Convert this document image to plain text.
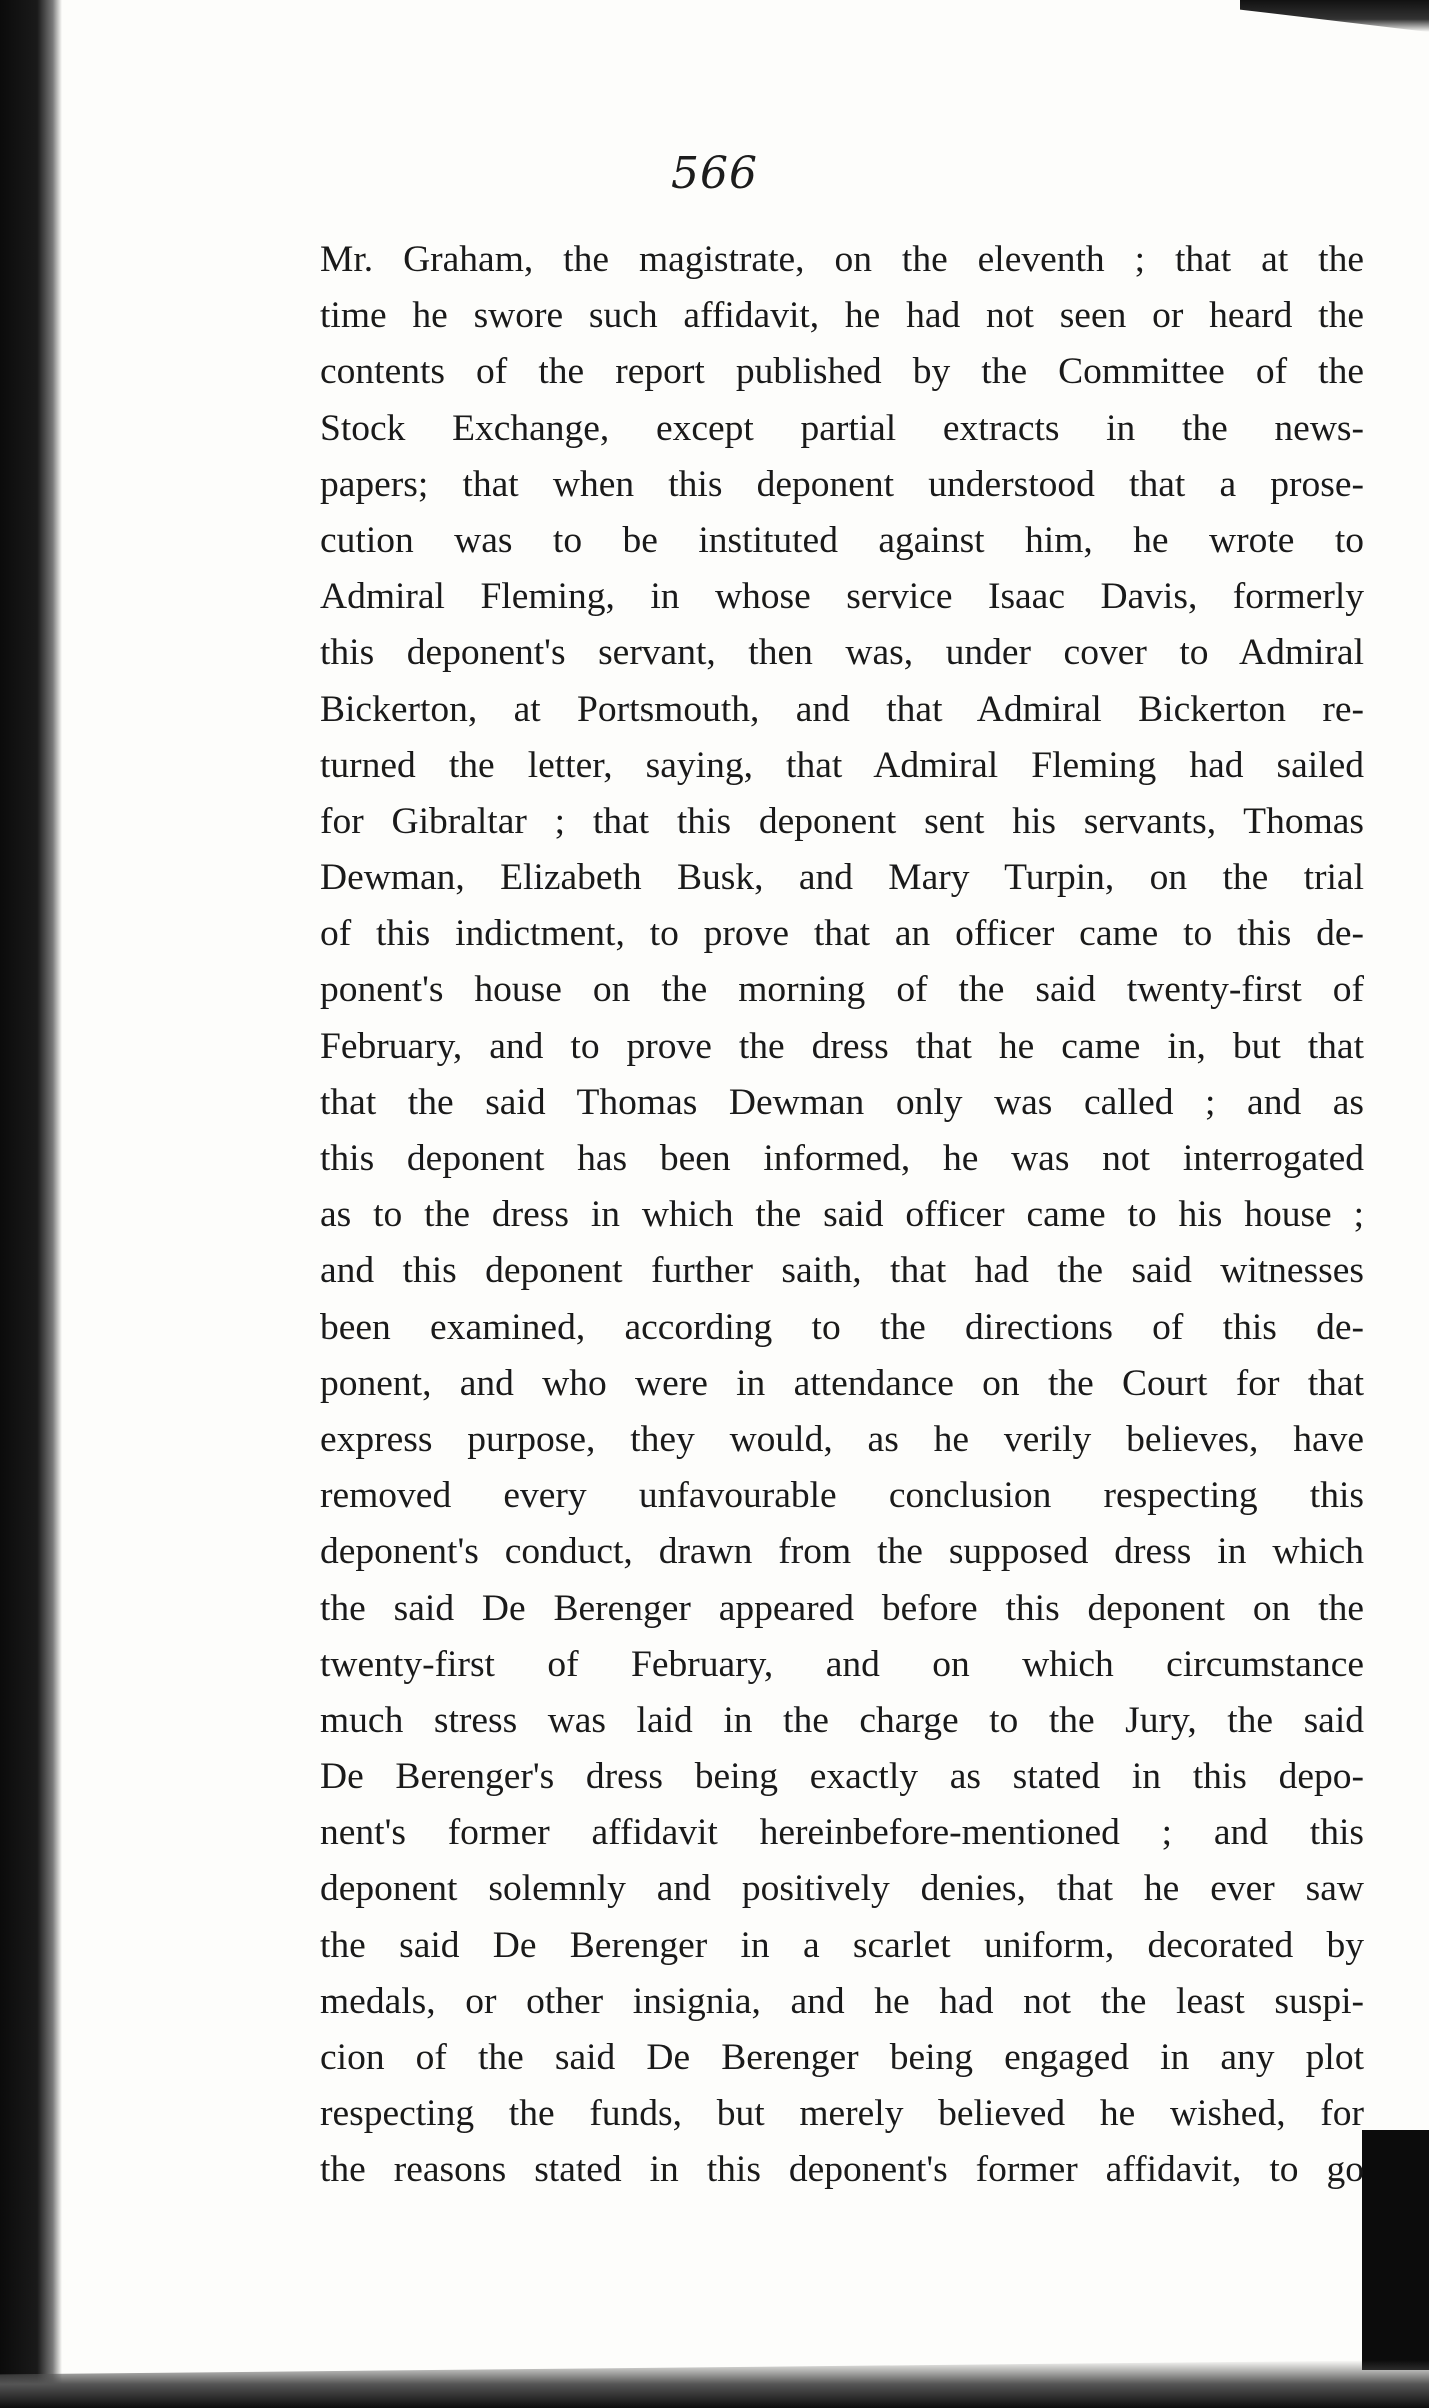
566
Mr. Graham, the magistrate, on the eleventh ; that at the
time he swore such affidavit, he had not seen or heard the
contents of the report published by the Committee of the
Stock Exchange, except partial extracts in the news-
papers; that when this deponent understood that a prose-
cution was to be instituted against him, he wrote to
Admiral Fleming, in whose service Isaac Davis, formerly
this deponent's servant, then was, under cover to Admiral
Bickerton, at Portsmouth, and that Admiral Bickerton re-
turned the letter, saying, that Admiral Fleming had sailed
for Gibraltar ; that this deponent sent his servants, Thomas
Dewman, Elizabeth Busk, and Mary Turpin, on the trial
of this indictment, to prove that an officer came to this de-
ponent's house on the morning of the said twenty-first of
February, and to prove the dress that he came in, but that
that the said Thomas Dewman only was called ; and as
this deponent has been informed, he was not interrogated
as to the dress in which the said officer came to his house ;
and this deponent further saith, that had the said witnesses
been examined, according to the directions of this de-
ponent, and who were in attendance on the Court for that
express purpose, they would, as he verily believes, have
removed every unfavourable conclusion respecting this
deponent's conduct, drawn from the supposed dress in which
the said De Berenger appeared before this deponent on the
twenty-first of February, and on which circumstance
much stress was laid in the charge to the Jury, the said
De Berenger's dress being exactly as stated in this depo-
nent's former affidavit hereinbefore-mentioned ; and this
deponent solemnly and positively denies, that he ever saw
the said De Berenger in a scarlet uniform, decorated by
medals, or other insignia, and he had not the least suspi-
cion of the said De Berenger being engaged in any plot
respecting the funds, but merely believed he wished, for
the reasons stated in this deponent's former affidavit, to go
